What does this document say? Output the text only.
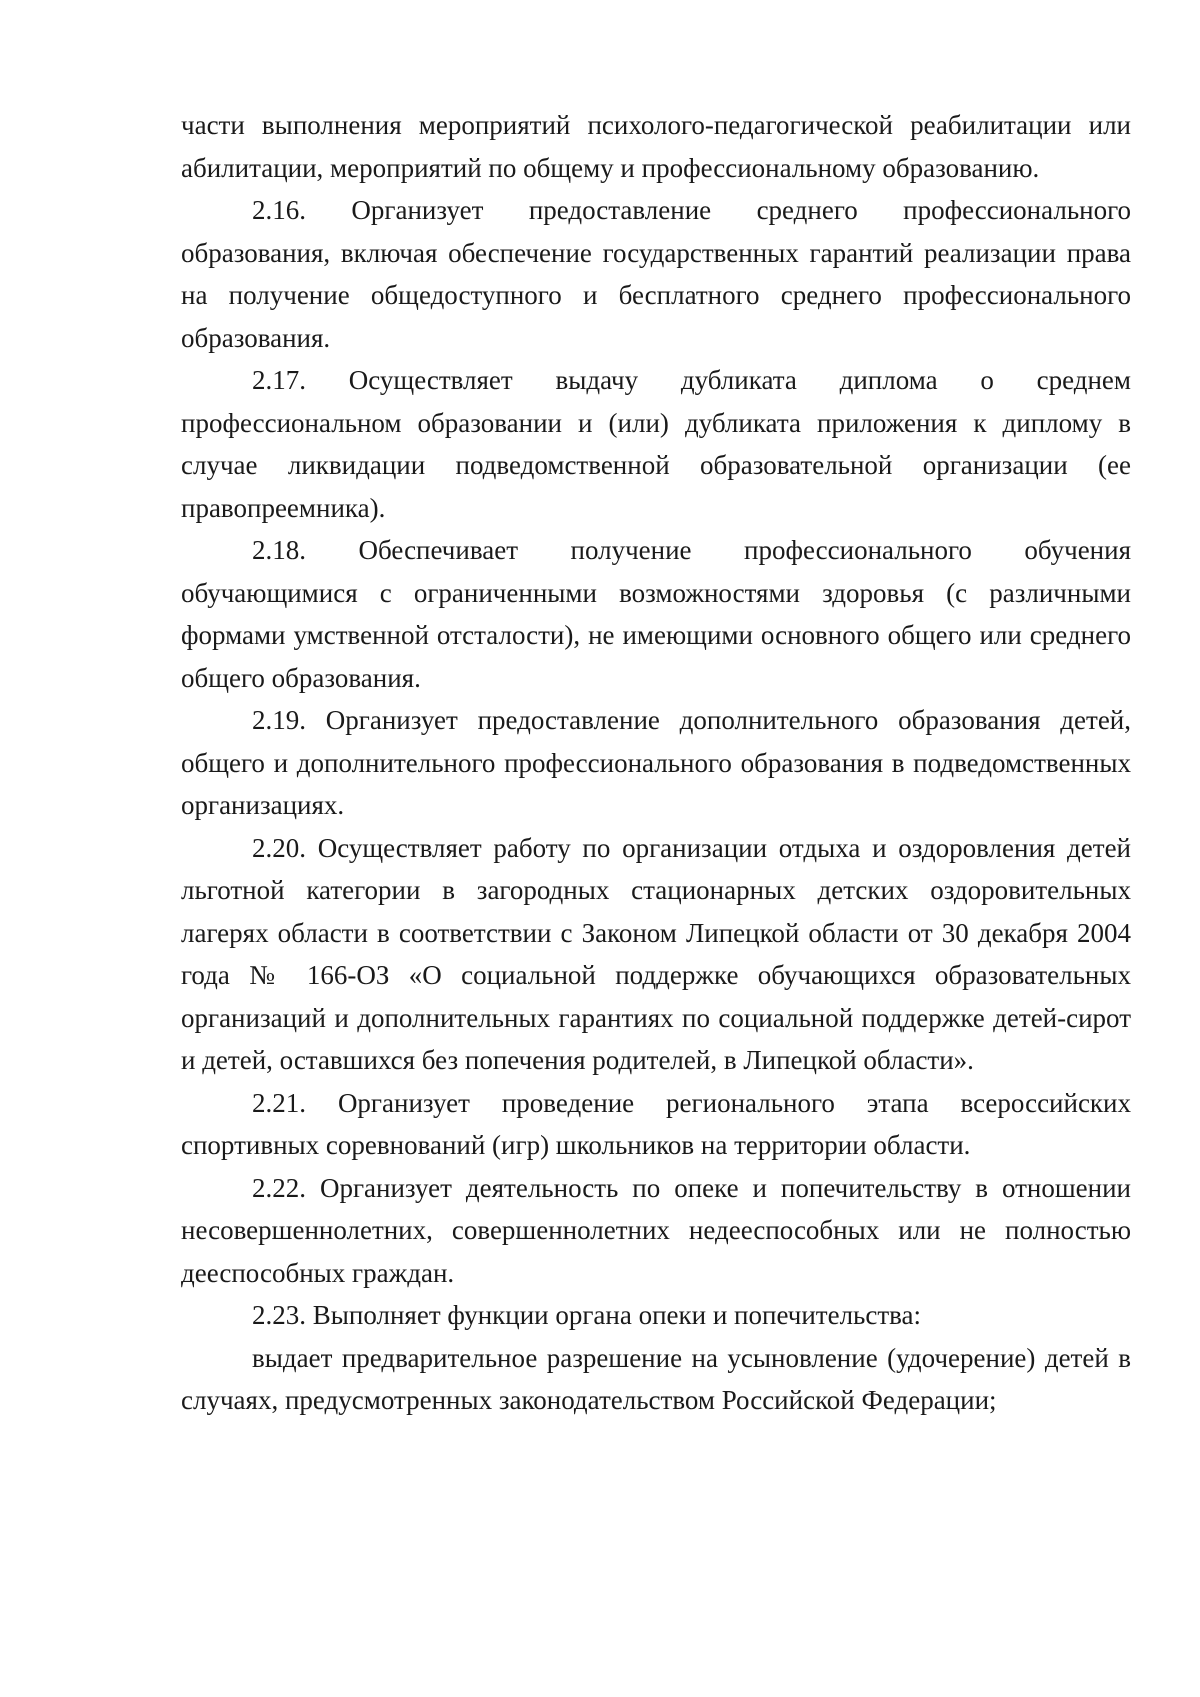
части выполнения мероприятий психолого-педагогической реабилитации или абилитации, мероприятий по общему и профессиональному образованию.

2.16. Организует предоставление среднего профессионального образования, включая обеспечение государственных гарантий реализации права на получение общедоступного и бесплатного среднего профессионального образования.

2.17. Осуществляет выдачу дубликата диплома о среднем профессиональном образовании и (или) дубликата приложения к диплому в случае ликвидации подведомственной образовательной организации (ее правопреемника).

2.18. Обеспечивает получение профессионального обучения обучающимися с ограниченными возможностями здоровья (с различными формами умственной отсталости), не имеющими основного общего или среднего общего образования.

2.19. Организует предоставление дополнительного образования детей, общего и дополнительного профессионального образования в подведомственных организациях.

2.20. Осуществляет работу по организации отдыха и оздоровления детей льготной категории в загородных стационарных детских оздоровительных лагерях области в соответствии с Законом Липецкой области от 30 декабря 2004 года № 166-ОЗ «О социальной поддержке обучающихся образовательных организаций и дополнительных гарантиях по социальной поддержке детей-сирот и детей, оставшихся без попечения родителей, в Липецкой области».

2.21. Организует проведение регионального этапа всероссийских спортивных соревнований (игр) школьников на территории области.

2.22. Организует деятельность по опеке и попечительству в отношении несовершеннолетних, совершеннолетних недееспособных или не полностью дееспособных граждан.

2.23. Выполняет функции органа опеки и попечительства:

выдает предварительное разрешение на усыновление (удочерение) детей в случаях, предусмотренных законодательством Российской Федерации;
